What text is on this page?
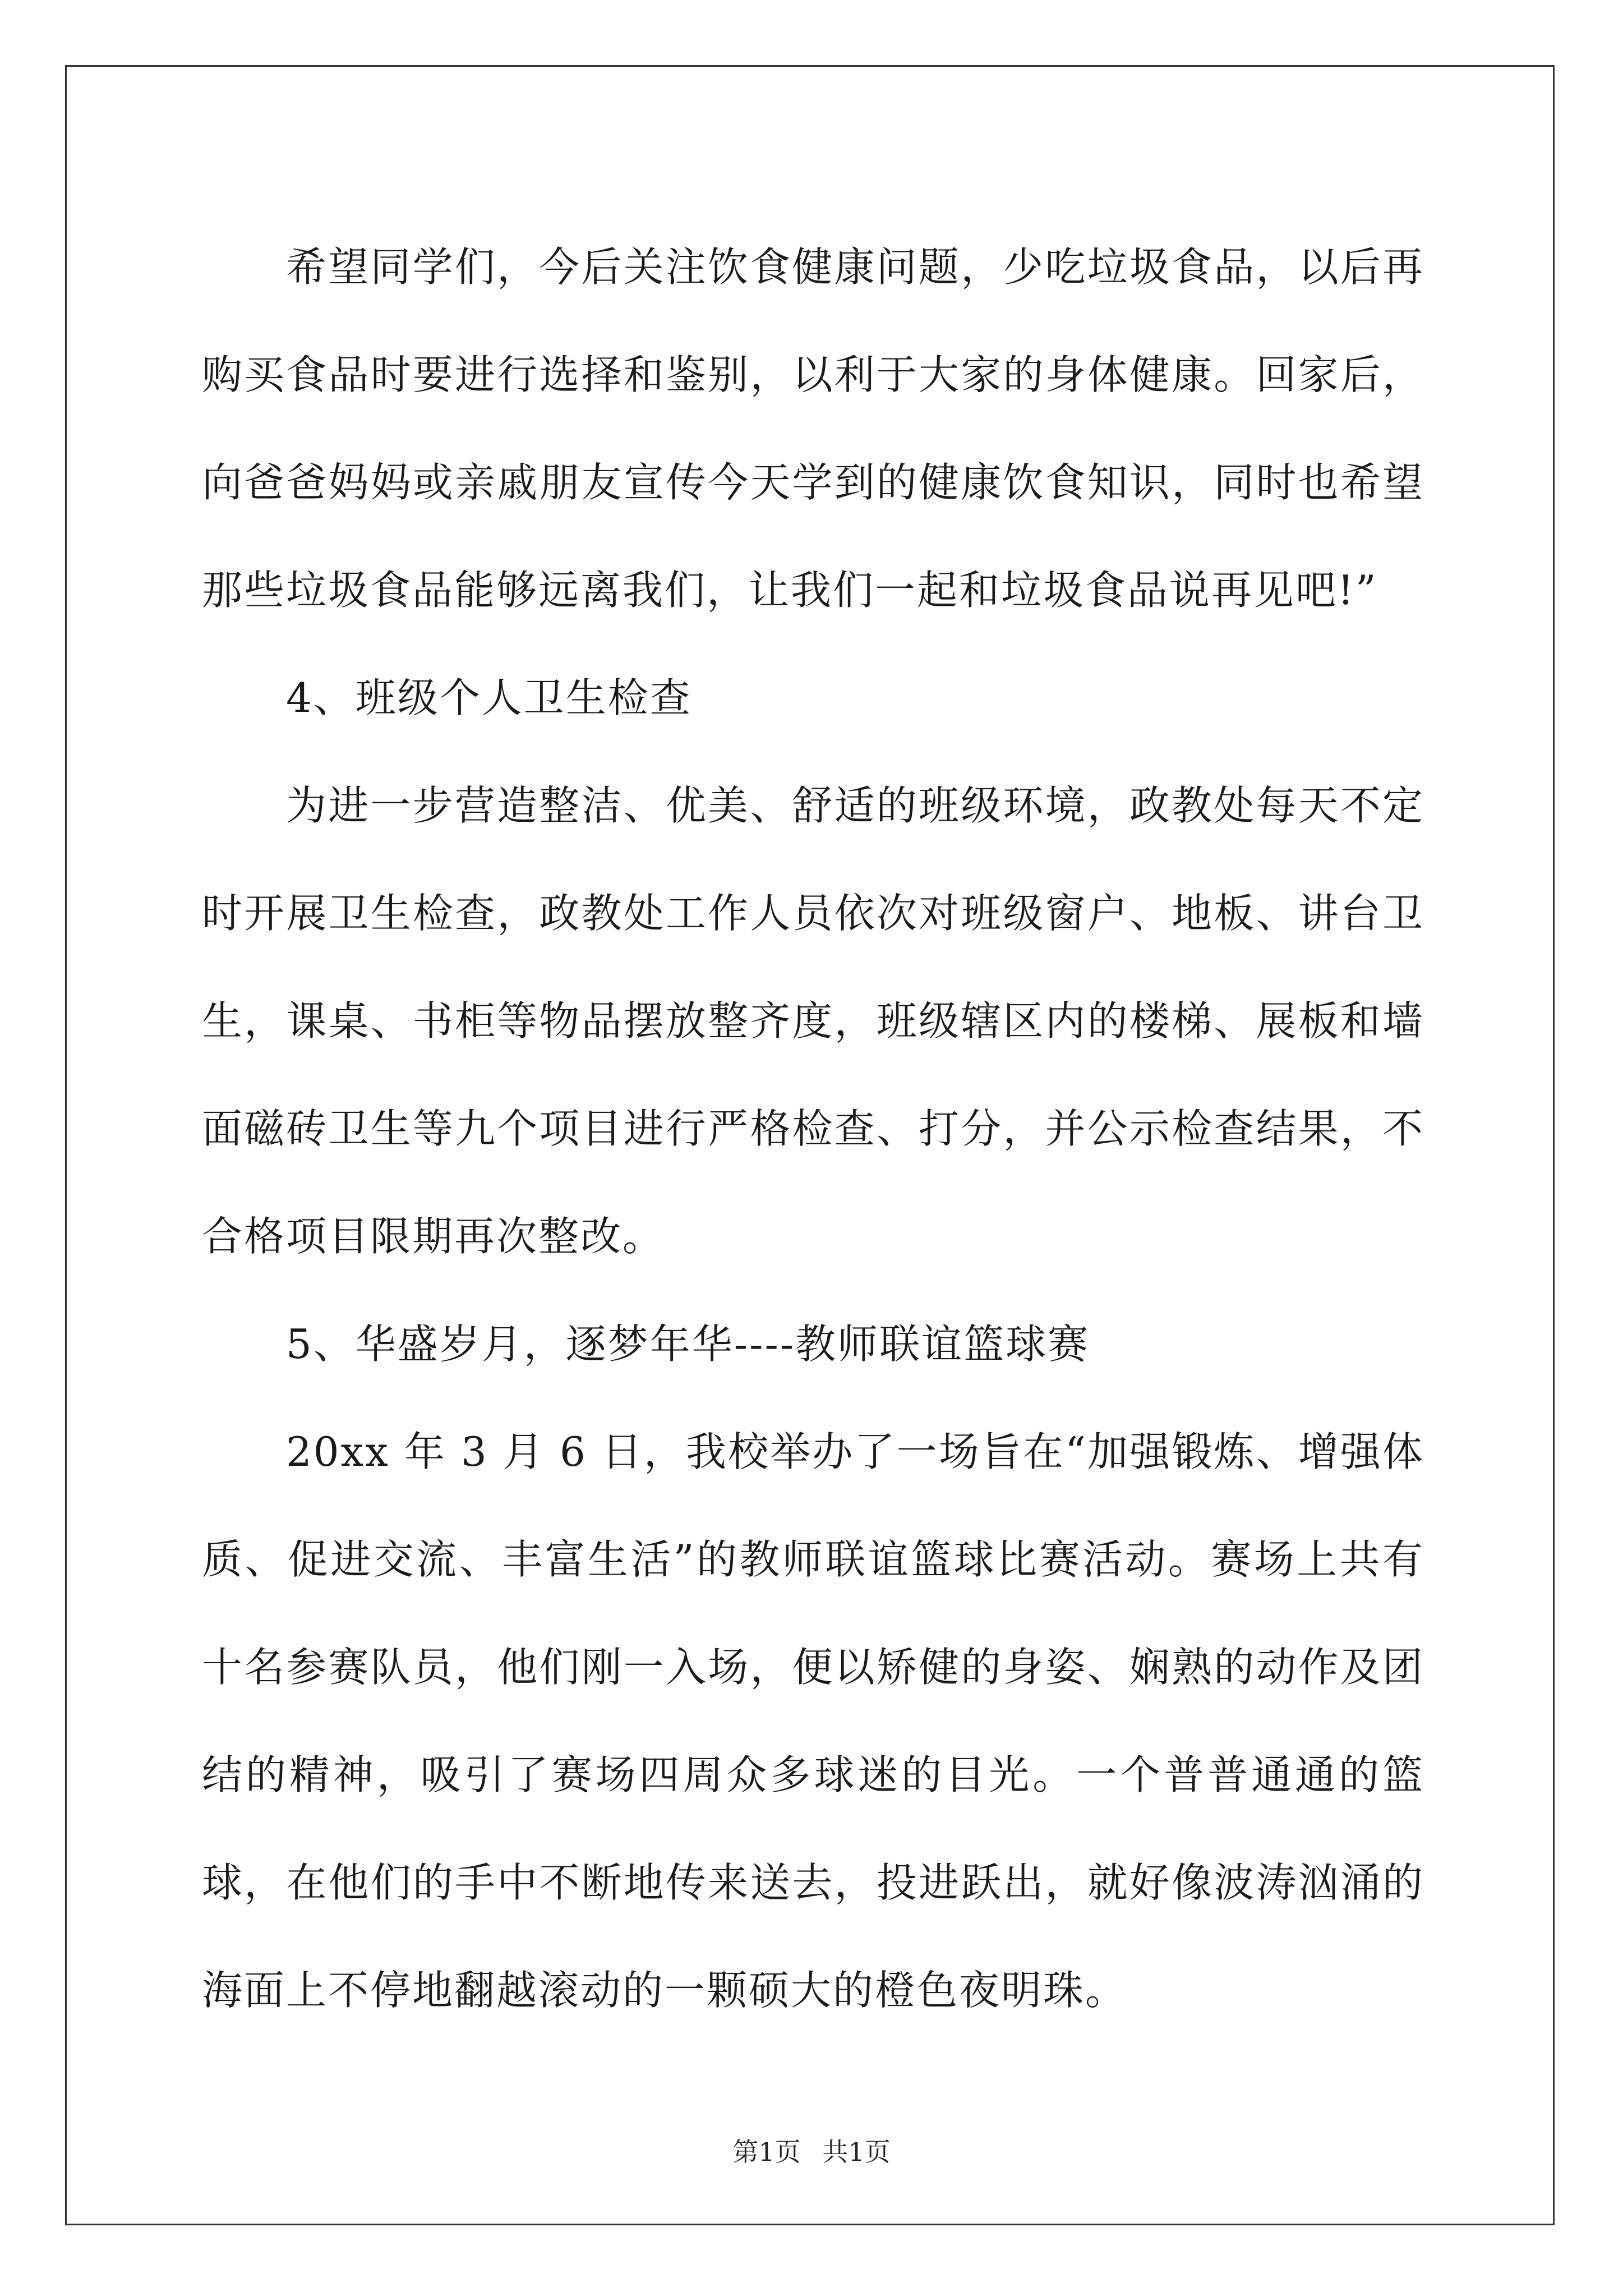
希望同学们，今后关注饮食健康问题，少吃垃圾食品，以后再购买食品时要进行选择和鉴别，以利于大家的身体健康。回家后，向爸爸妈妈或亲戚朋友宣传今天学到的健康饮食知识，同时也希望那些垃圾食品能够远离我们，让我们一起和垃圾食品说再见吧!”

4、班级个人卫生检查

为进一步营造整洁、优美、舒适的班级环境，政教处每天不定时开展卫生检查，政教处工作人员依次对班级窗户、地板、讲台卫生，课桌、书柜等物品摆放整齐度，班级辖区内的楼梯、展板和墙面磁砖卫生等九个项目进行严格检查、打分，并公示检查结果，不合格项目限期再次整改。

5、华盛岁月，逐梦年华----教师联谊篮球赛

20xx 年 3 月 6 日，我校举办了一场旨在“加强锻炼、增强体质、促进交流、丰富生活”的教师联谊篮球比赛活动。赛场上共有十名参赛队员，他们刚一入场，便以矫健的身姿、娴熟的动作及团结的精神，吸引了赛场四周众多球迷的目光。一个普普通通的篮球，在他们的手中不断地传来送去，投进跃出，就好像波涛汹涌的海面上不停地翻越滚动的一颗硕大的橙色夜明珠。

第1页 共1页
